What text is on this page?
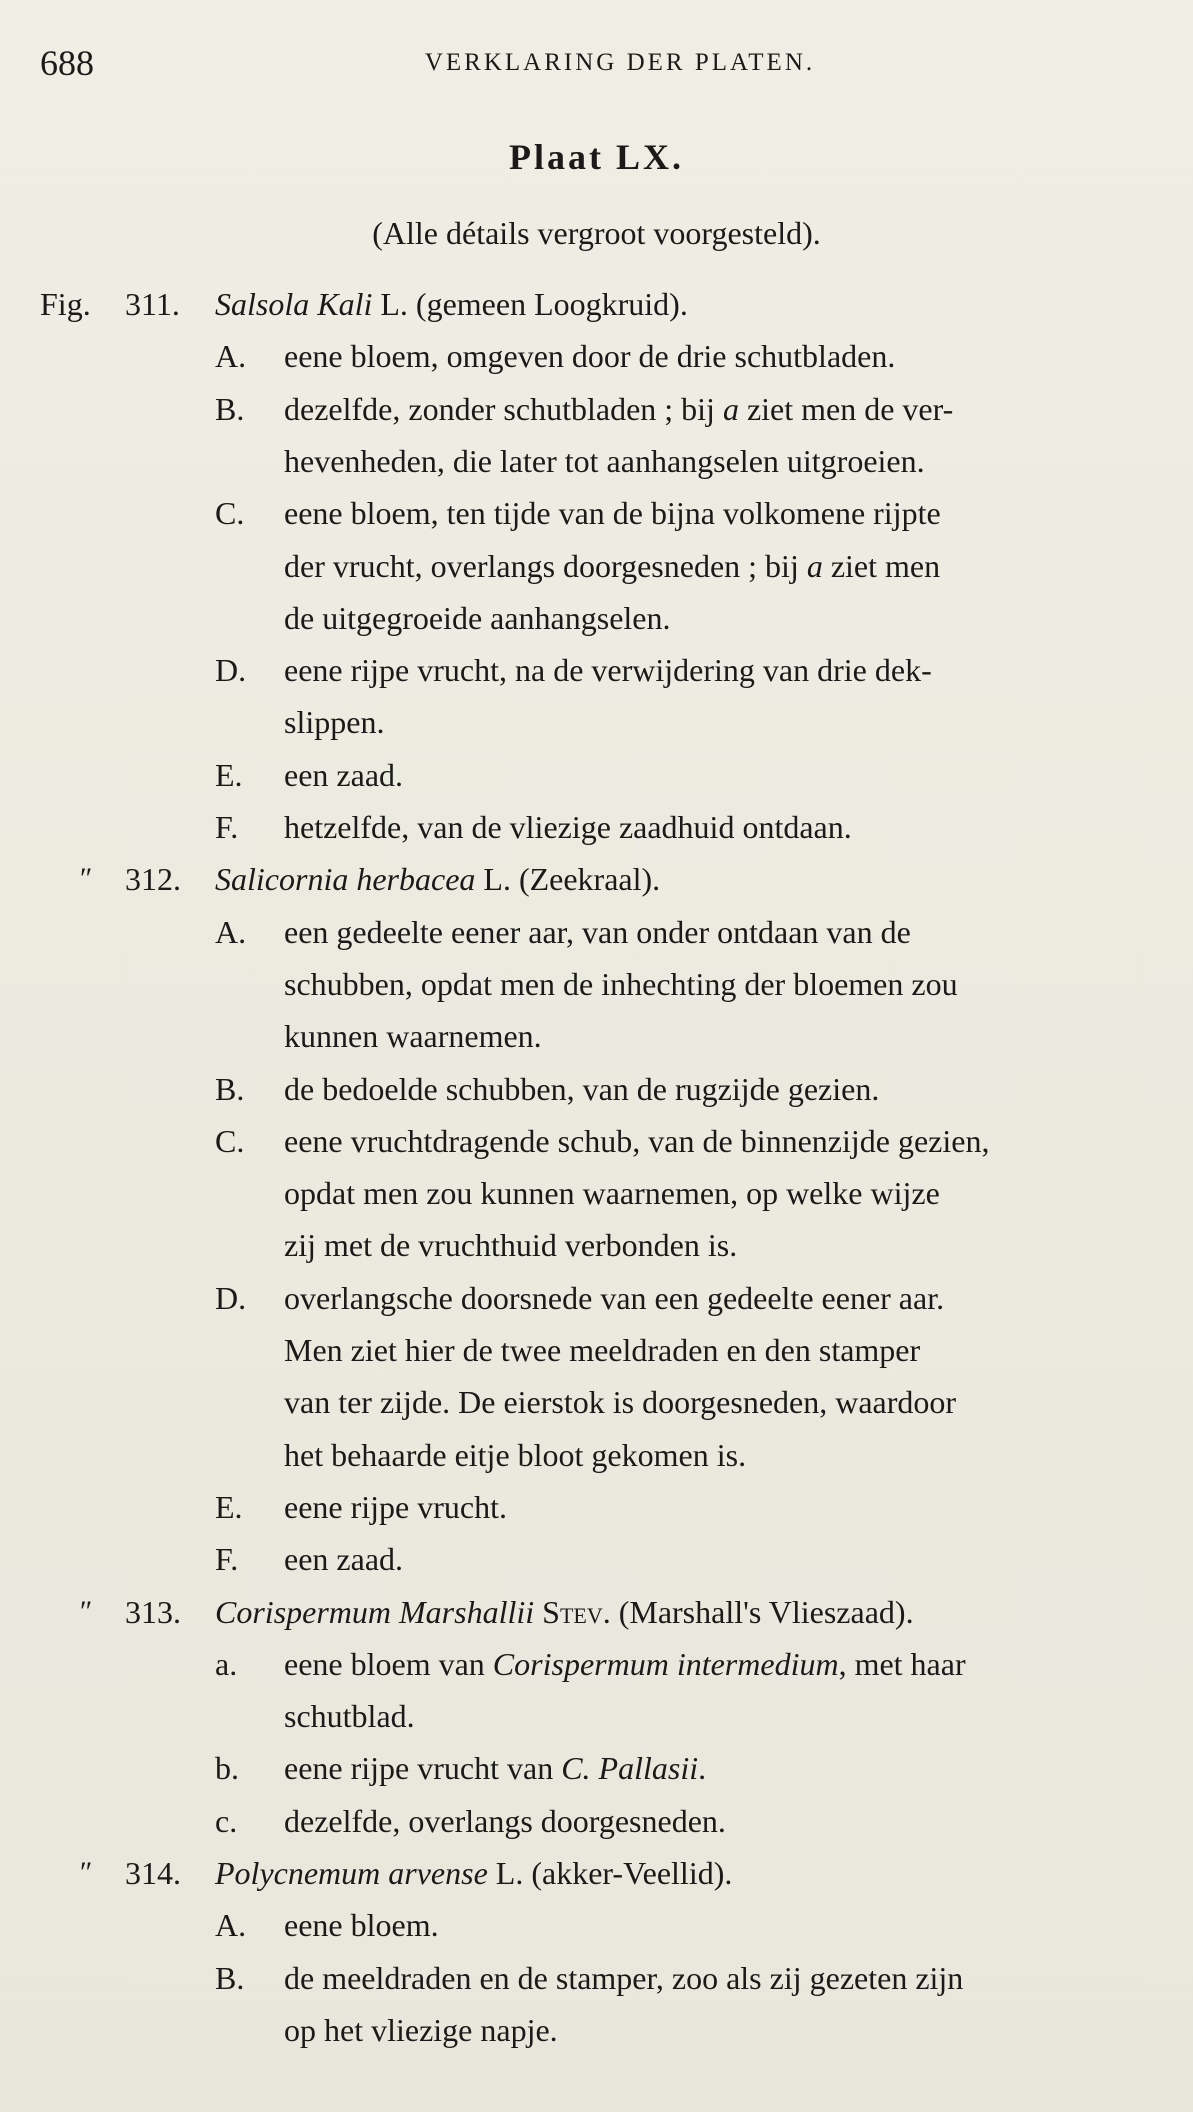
688	VERKLARING DER PLATEN.
Plaat LX.
(Alle détails vergroot voorgesteld).
Fig. 311. Salsola Kali L. (gemeen Loogkruid).
A.	eene bloem, omgeven door de drie schutbladen.
B.	dezelfde, zonder schutbladen ; bij a ziet men de ver-
hevenheden, die later tot aanhangselen uitgroeien.
C.	eene bloem, ten tijde van de bijna volkomene rijpte
der vrucht, overlangs doorgesneden ; bij a ziet men
de uitgegroeide aanhangselen.
D.	eene rijpe vrucht, na de verwijdering van drie dek-
slippen.
E.	een zaad.
F.	hetzelfde, van de vliezige zaadhuid ontdaan.
″ 312. Salicornia herbacea L. (Zeekraal).
A.	een gedeelte eener aar, van onder ontdaan van de
schubben, opdat men de inhechting der bloemen zou
kunnen waarnemen.
B.	de bedoelde schubben, van de rugzijde gezien.
C.	eene vruchtdragende schub, van de binnenzijde gezien,
opdat men zou kunnen waarnemen, op welke wijze
zij met de vruchthuid verbonden is.
D.	overlangsche doorsnede van een gedeelte eener aar.
Men ziet hier de twee meeldraden en den stamper
van ter zijde. De eierstok is doorgesneden, waardoor
het behaarde eitje bloot gekomen is.
E.	eene rijpe vrucht.
F.	een zaad.
″ 313. Corispermum Marshallii Stev. (Marshall's Vlieszaad).
a.	eene bloem van Corispermum intermedium, met haar
schutblad.
b.	eene rijpe vrucht van C. Pallasii.
c.	dezelfde, overlangs doorgesneden.
″ 314. Polycnemum arvense L. (akker-Veellid).
A.	eene bloem.
B.	de meeldraden en de stamper, zoo als zij gezeten zijn
op het vliezige napje.
